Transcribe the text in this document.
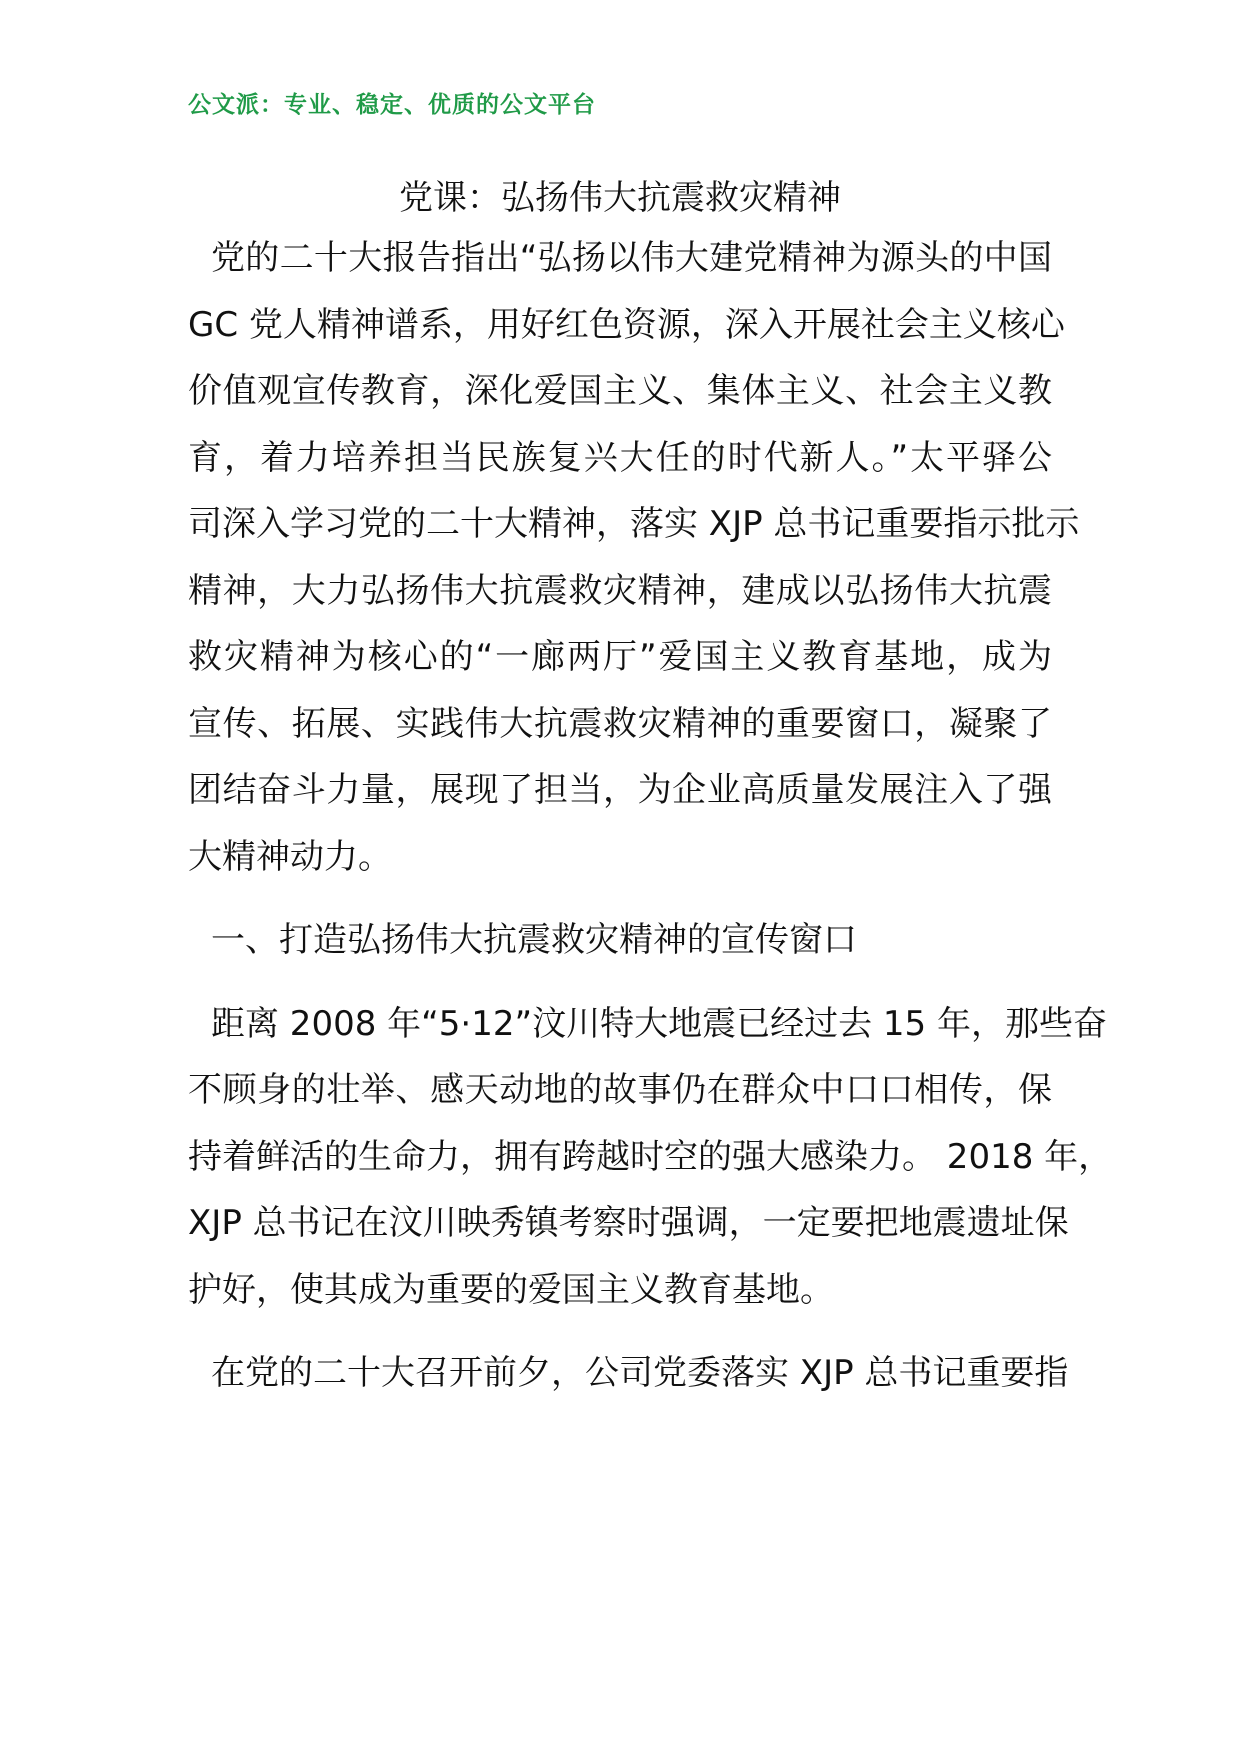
公文派：专业、稳定、优质的公文平台
党课：弘扬伟大抗震救灾精神
党的二十大报告指出“弘扬以伟大建党精神为源头的中国
GC 党人精神谱系，用好红色资源，深入开展社会主义核心
价值观宣传教育，深化爱国主义、集体主义、社会主义教
育，着力培养担当民族复兴大任的时代新人。”太平驿公
司深入学习党的二十大精神，落实 XJP 总书记重要指示批示
精神，大力弘扬伟大抗震救灾精神，建成以弘扬伟大抗震
救灾精神为核心的“一廊两厅”爱国主义教育基地，成为
宣传、拓展、实践伟大抗震救灾精神的重要窗口，凝聚了
团结奋斗力量，展现了担当，为企业高质量发展注入了强
大精神动力。
一、打造弘扬伟大抗震救灾精神的宣传窗口
距离 2008 年“5·12”汶川特大地震已经过去 15 年，那些奋
不顾身的壮举、感天动地的故事仍在群众中口口相传，保
持着鲜活的生命力，拥有跨越时空的强大感染力。 2018 年，
XJP 总书记在汶川映秀镇考察时强调，一定要把地震遗址保
护好，使其成为重要的爱国主义教育基地。
在党的二十大召开前夕，公司党委落实 XJP 总书记重要指
